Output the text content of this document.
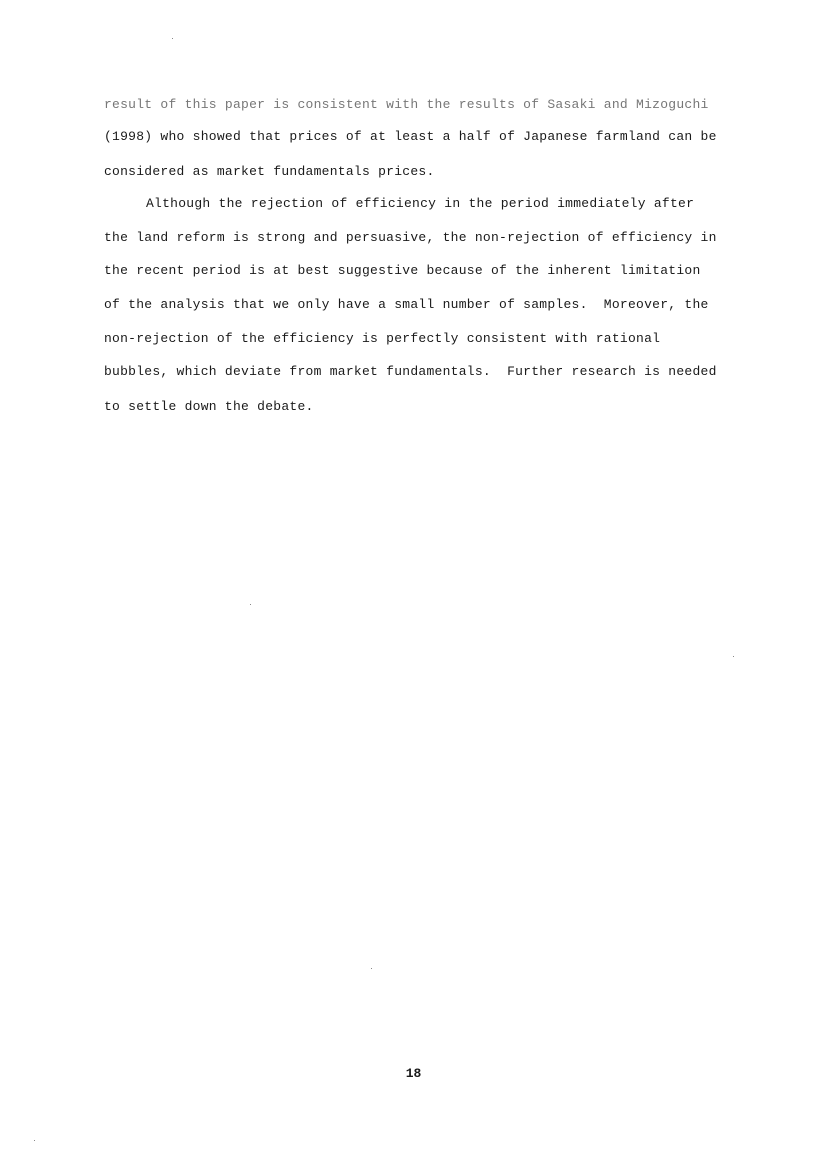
result of this paper is consistent with the results of Sasaki and Mizoguchi

(1998) who showed that prices of at least a half of Japanese farmland can be

considered as market fundamentals prices.

Although the rejection of efficiency in the period immediately after

the land reform is strong and persuasive, the non-rejection of efficiency in

the recent period is at best suggestive because of the inherent limitation

of the analysis that we only have a small number of samples.  Moreover, the

non-rejection of the efficiency is perfectly consistent with rational

bubbles, which deviate from market fundamentals.  Further research is needed

to settle down the debate.

18
